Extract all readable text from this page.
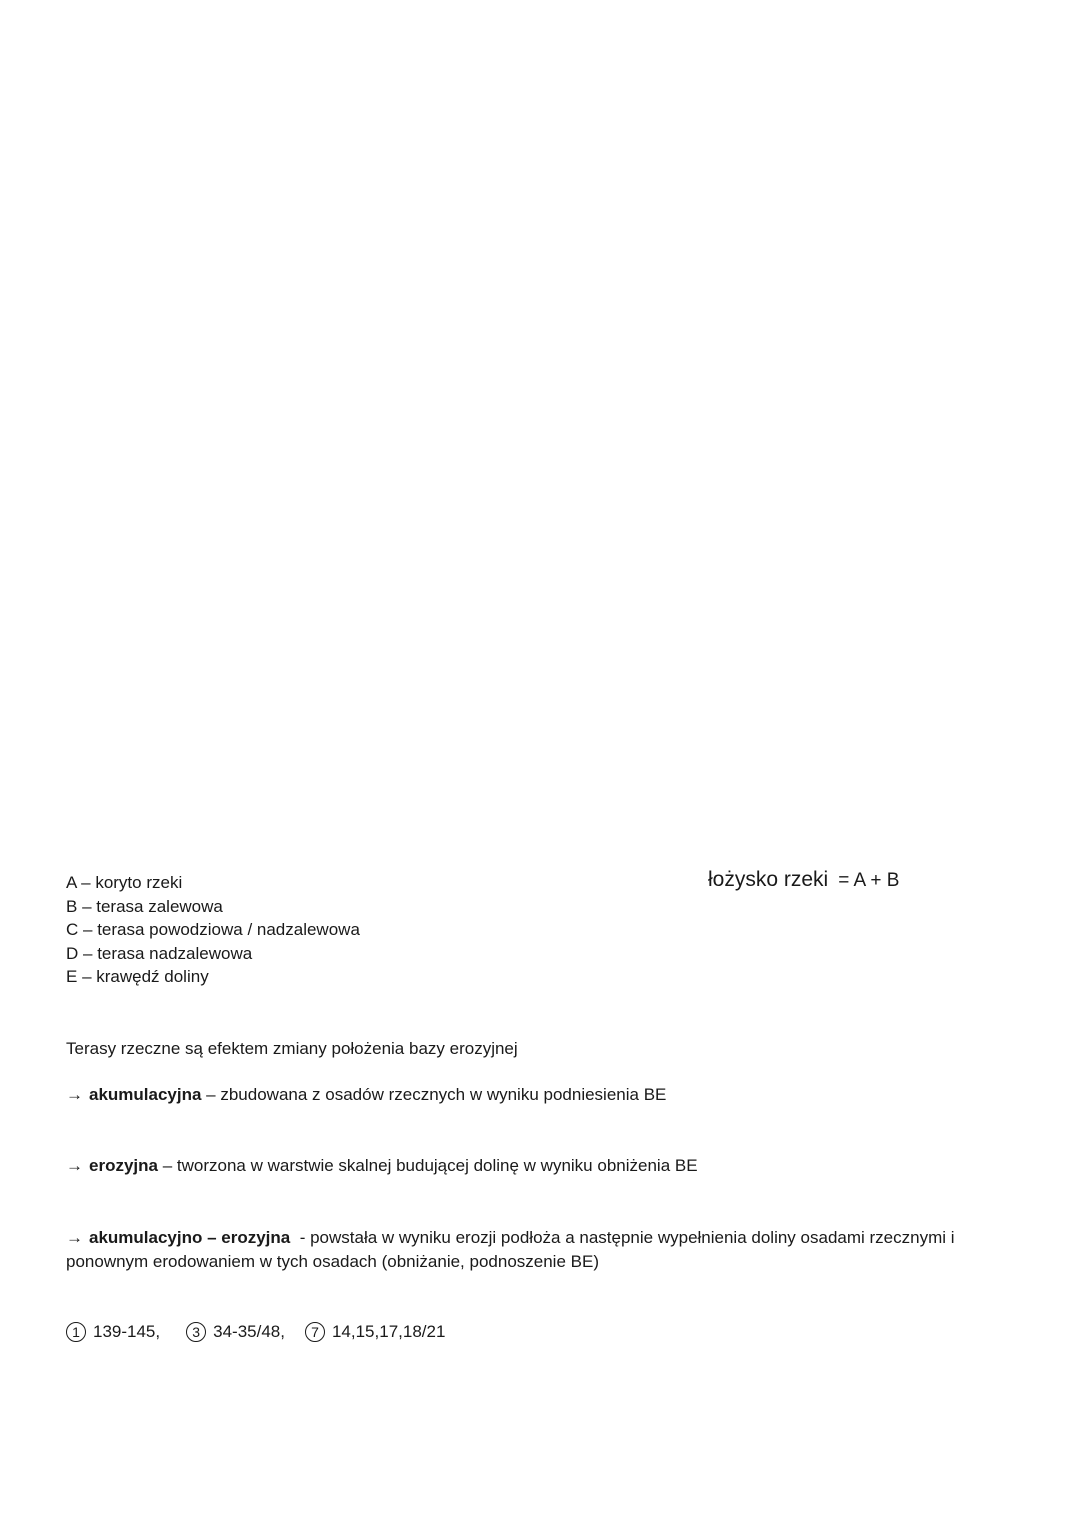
A – koryto rzeki
B – terasa zalewowa
C – terasa powodziowa / nadzalewowa
D – terasa nadzalewowa
E – krawędź doliny
łożysko rzeki = A + B
Terasy rzeczne są efektem zmiany położenia bazy erozyjnej
→ akumulacyjna – zbudowana z osadów rzecznych w wyniku podniesienia BE
→ erozyjna – tworzona w warstwie skalnej budującej dolinę w wyniku obniżenia BE
→ akumulacyjno – erozyjna  - powstała w wyniku erozji podłoża a następnie wypełnienia doliny osadami rzecznymi i ponownym erodowaniem w tych osadach (obniżanie, podnoszenie BE)
1 139-145,	3 34-35/48,	7 14,15,17,18/21
